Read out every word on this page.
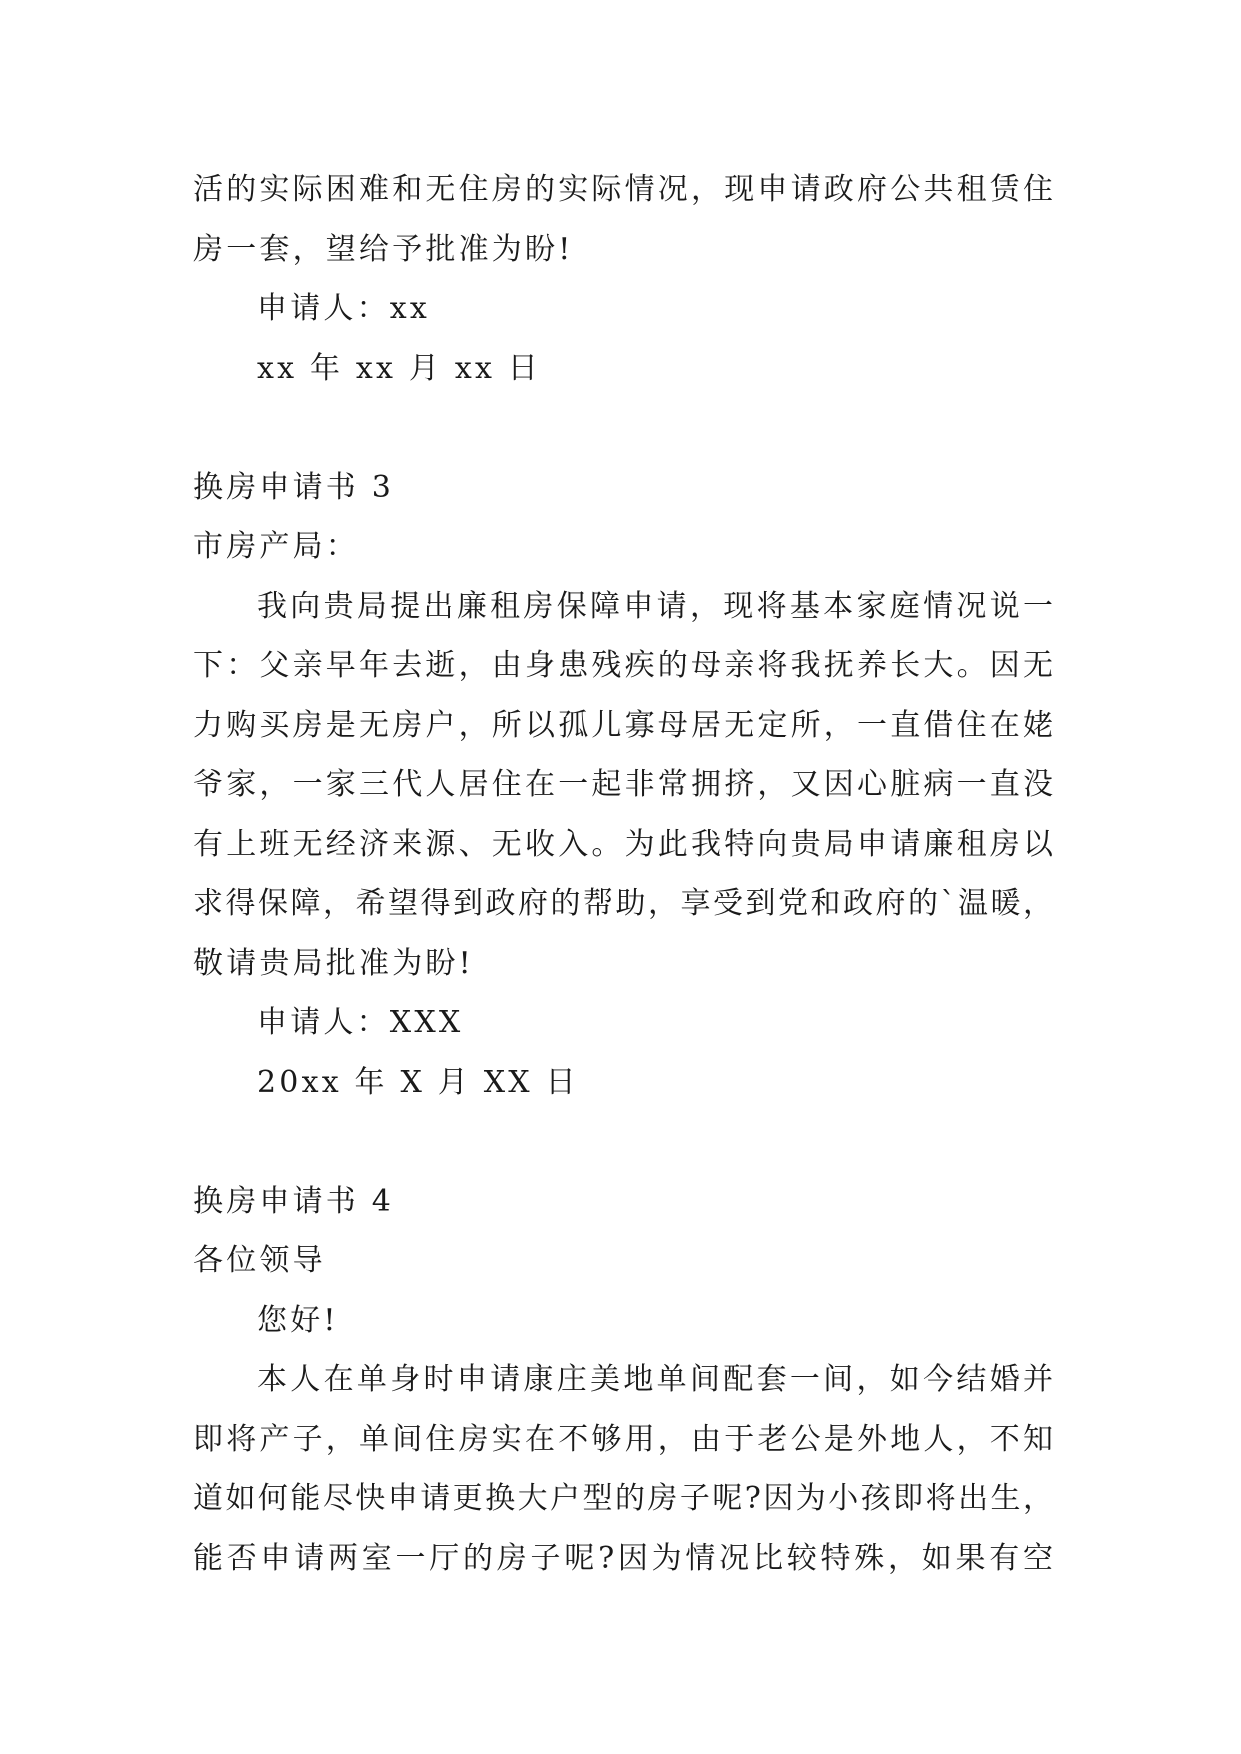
活的实际困难和无住房的实际情况，现申请政府公共租赁住
房一套，望给予批准为盼!
申请人：xx
xx 年 xx 月 xx 日
换房申请书 3
市房产局：
我向贵局提出廉租房保障申请，现将基本家庭情况说一
下：父亲早年去逝，由身患残疾的母亲将我抚养长大。因无
力购买房是无房户，所以孤儿寡母居无定所，一直借住在姥
爷家，一家三代人居住在一起非常拥挤，又因心脏病一直没
有上班无经济来源、无收入。为此我特向贵局申请廉租房以
求得保障，希望得到政府的帮助，享受到党和政府的`温暖，
敬请贵局批准为盼!
申请人：XXX
20xx 年 X 月 XX 日
换房申请书 4
各位领导
您好!
本人在单身时申请康庄美地单间配套一间，如今结婚并
即将产子，单间住房实在不够用，由于老公是外地人，不知
道如何能尽快申请更换大户型的房子呢?因为小孩即将出生，
能否申请两室一厅的房子呢?因为情况比较特殊，如果有空
